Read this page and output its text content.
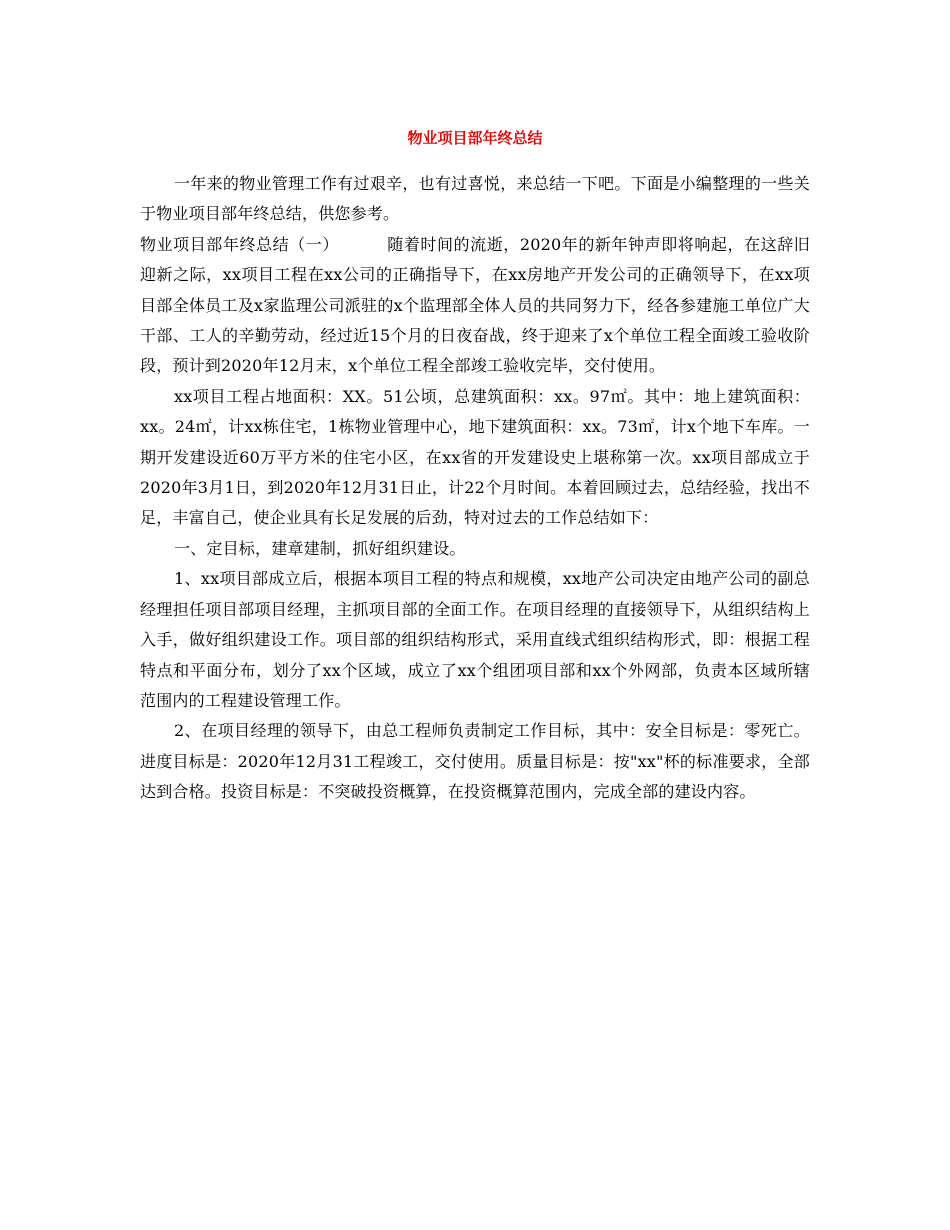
物业项目部年终总结

一年来的物业管理工作有过艰辛，也有过喜悦，来总结一下吧。下面是小编整理的一些关于物业项目部年终总结，供您参考。

物业项目部年终总结（一）	随着时间的流逝，2020年的新年钟声即将响起，在这辞旧迎新之际，xx项目工程在xx公司的正确指导下，在xx房地产开发公司的正确领导下，在xx项目部全体员工及x家监理公司派驻的x个监理部全体人员的共同努力下，经各参建施工单位广大干部、工人的辛勤劳动，经过近15个月的日夜奋战，终于迎来了x个单位工程全面竣工验收阶段，预计到2020年12月末，x个单位工程全部竣工验收完毕，交付使用。

xx项目工程占地面积：XX。51公顷，总建筑面积：xx。97㎡。其中：地上建筑面积：xx。24㎡，计xx栋住宅，1栋物业管理中心，地下建筑面积：xx。73㎡，计x个地下车库。一期开发建设近60万平方米的住宅小区，在xx省的开发建设史上堪称第一次。xx项目部成立于2020年3月1日，到2020年12月31日止，计22个月时间。本着回顾过去，总结经验，找出不足，丰富自己，使企业具有长足发展的后劲，特对过去的工作总结如下：

一、定目标，建章建制，抓好组织建设。

1、xx项目部成立后，根据本项目工程的特点和规模，xx地产公司决定由地产公司的副总经理担任项目部项目经理，主抓项目部的全面工作。在项目经理的直接领导下，从组织结构上入手，做好组织建设工作。项目部的组织结构形式，采用直线式组织结构形式，即：根据工程特点和平面分布，划分了xx个区域，成立了xx个组团项目部和xx个外网部，负责本区域所辖范围内的工程建设管理工作。

2、在项目经理的领导下，由总工程师负责制定工作目标，其中：安全目标是：零死亡。进度目标是：2020年12月31工程竣工，交付使用。质量目标是：按"xx"杯的标准要求，全部达到合格。投资目标是：不突破投资概算，在投资概算范围内，完成全部的建设内容。
